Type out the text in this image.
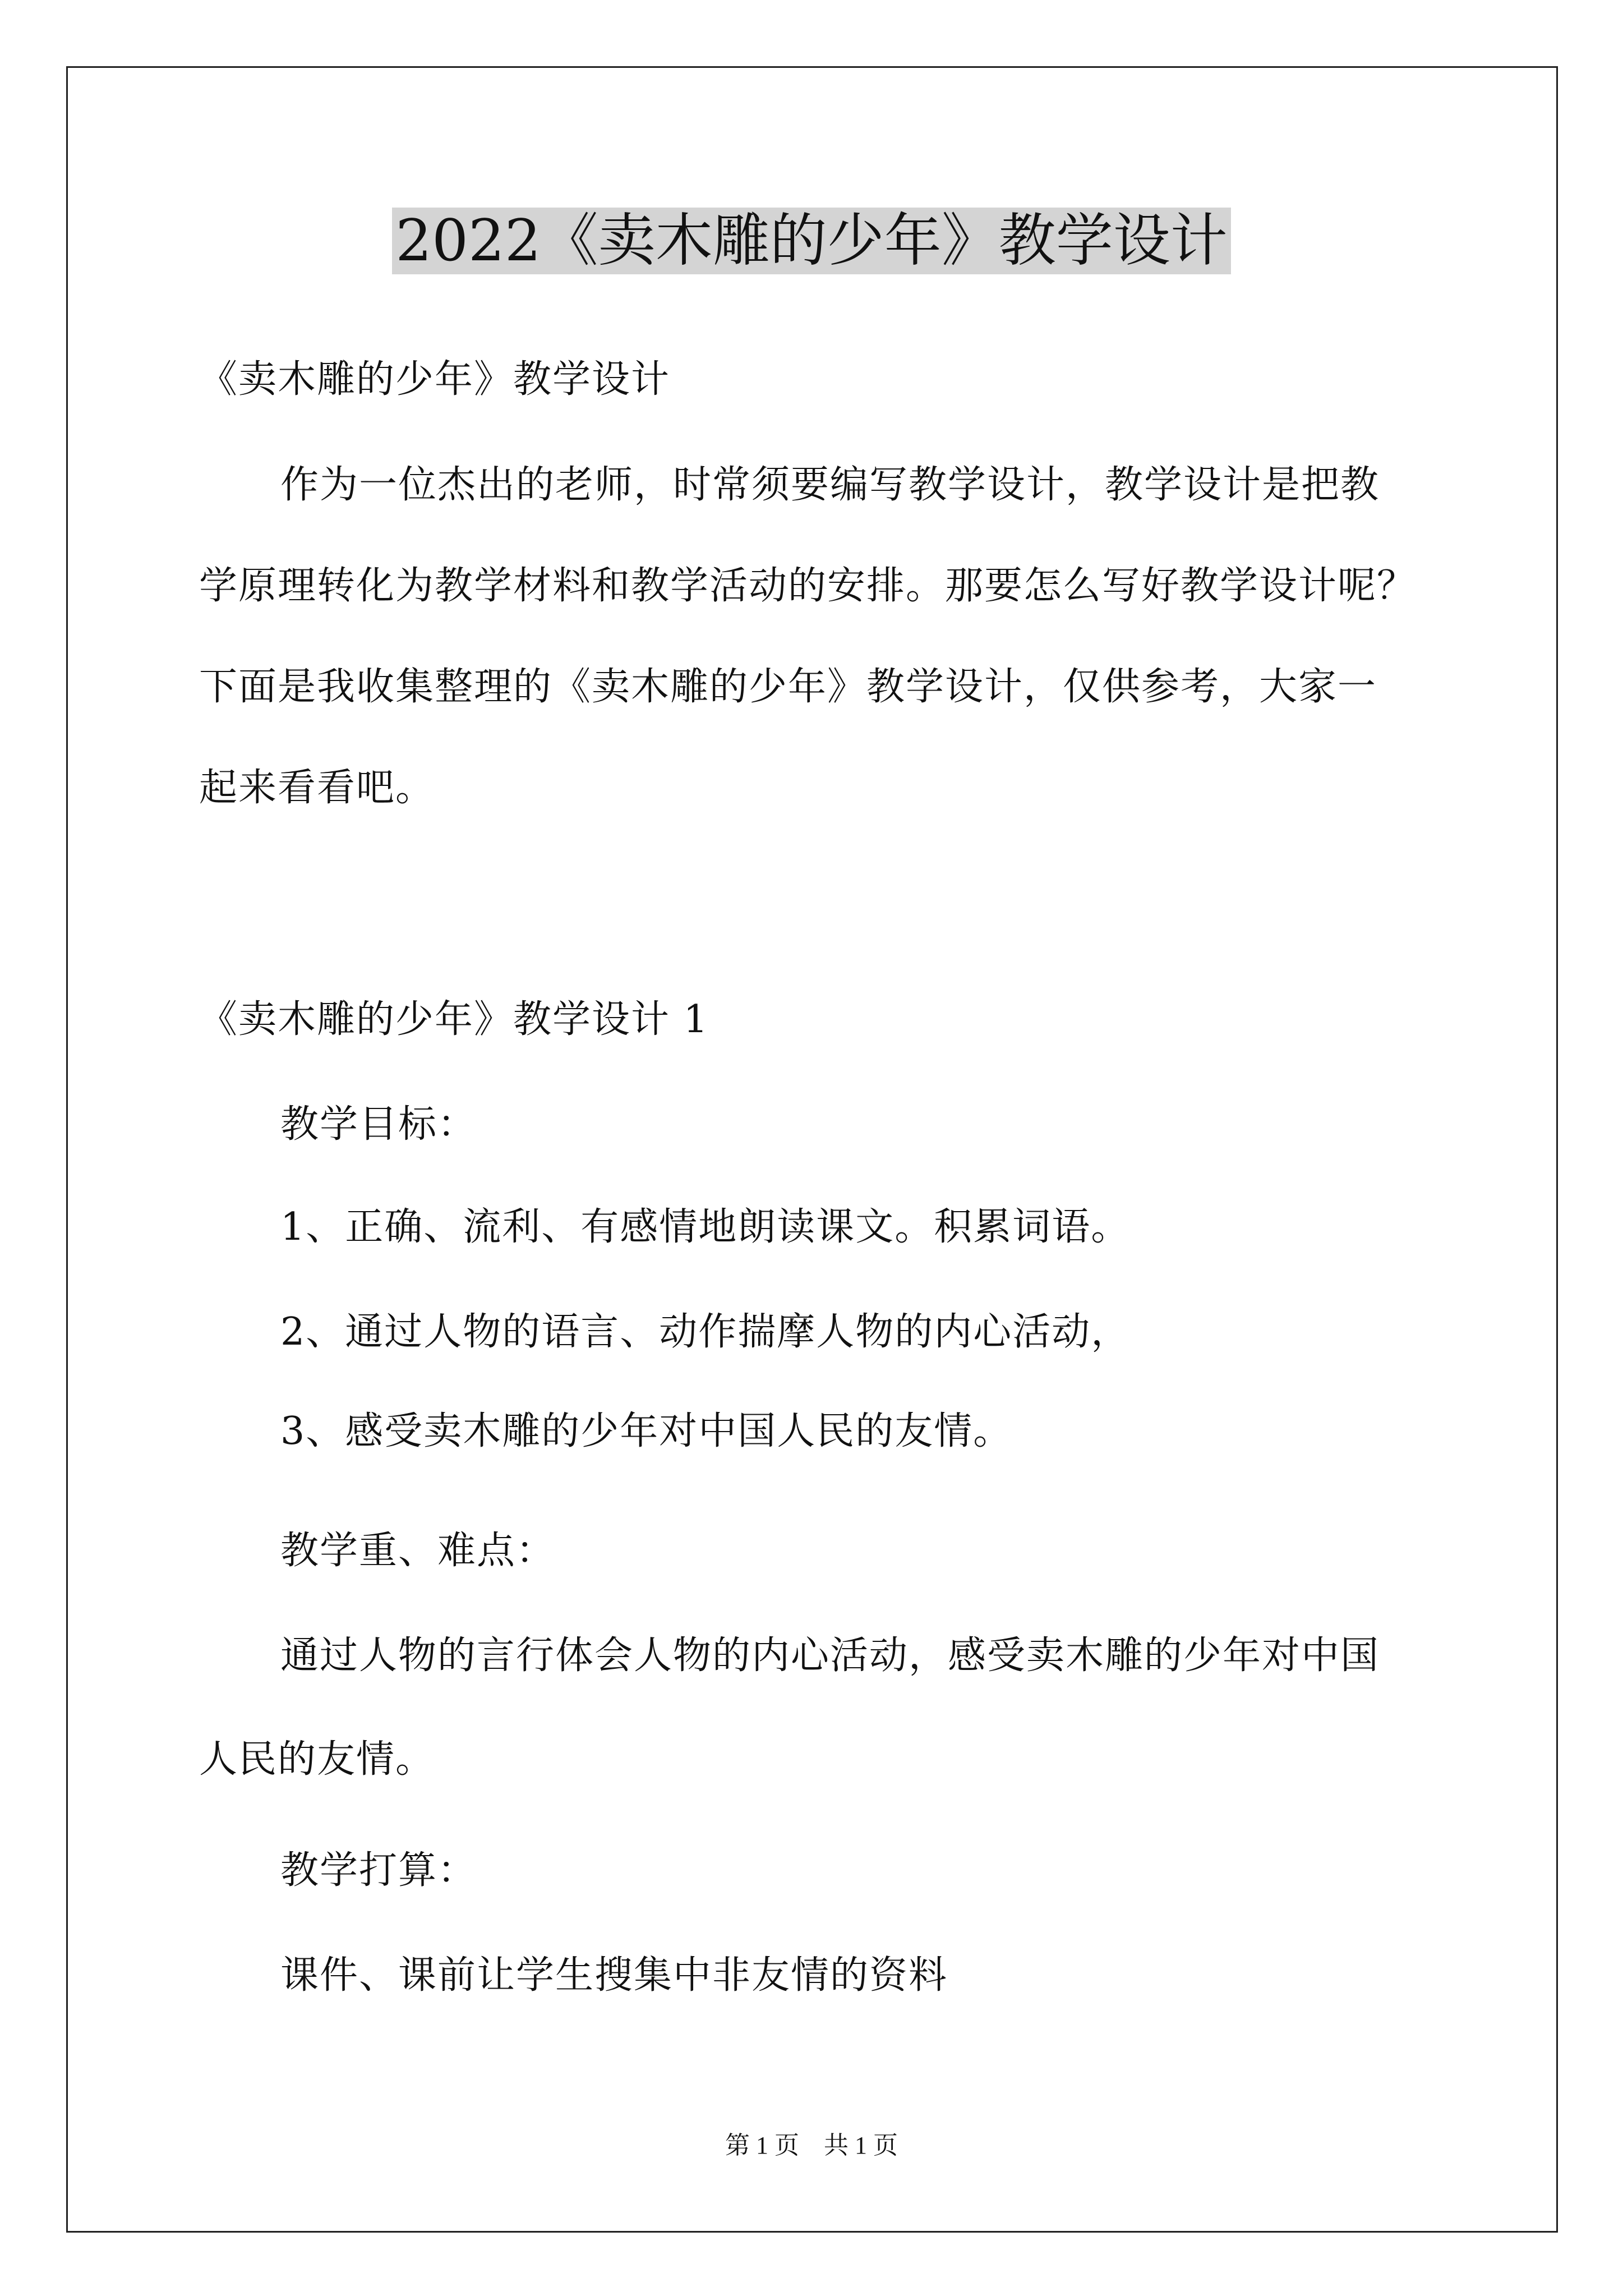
2022《卖木雕的少年》教学设计
《卖木雕的少年》教学设计
作为一位杰出的老师，时常须要编写教学设计，教学设计是把教
学原理转化为教学材料和教学活动的安排。那要怎么写好教学设计呢？
下面是我收集整理的《卖木雕的少年》教学设计，仅供参考，大家一
起来看看吧。
《卖木雕的少年》教学设计 1
教学目标：
1、正确、流利、有感情地朗读课文。积累词语。
2、通过人物的语言、动作揣摩人物的内心活动，
3、感受卖木雕的少年对中国人民的友情。
教学重、难点：
通过人物的言行体会人物的内心活动，感受卖木雕的少年对中国
人民的友情。
教学打算：
课件、课前让学生搜集中非友情的资料
第 1 页　共 1 页
